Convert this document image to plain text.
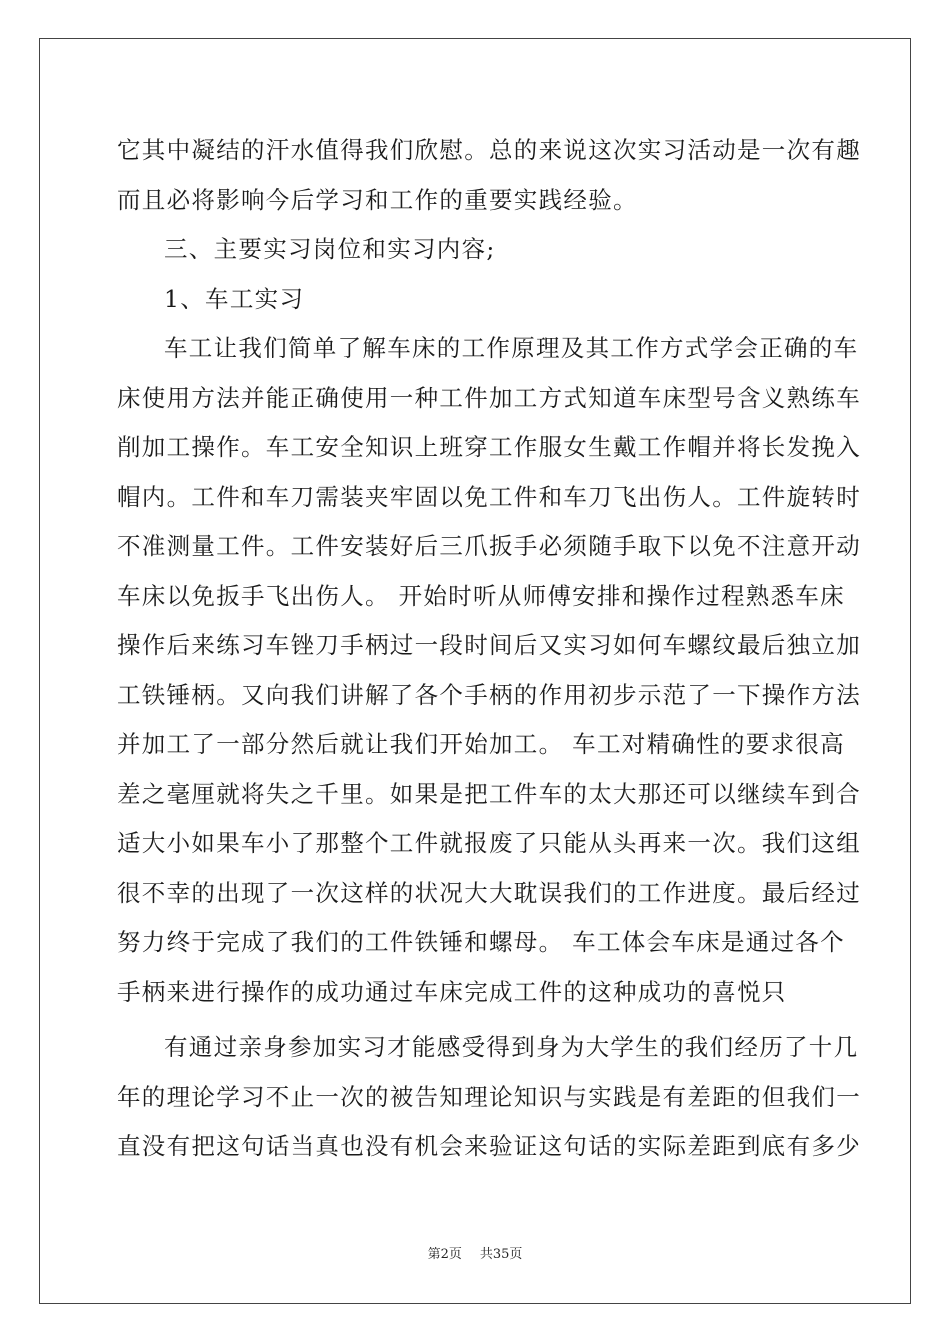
它其中凝结的汗水值得我们欣慰。总的来说这次实习活动是一次有趣
而且必将影响今后学习和工作的重要实践经验。
三、主要实习岗位和实习内容;
1、车工实习
车工让我们简单了解车床的工作原理及其工作方式学会正确的车
床使用方法并能正确使用一种工件加工方式知道车床型号含义熟练车
削加工操作。车工安全知识上班穿工作服女生戴工作帽并将长发挽入
帽内。工件和车刀需装夹牢固以免工件和车刀飞出伤人。工件旋转时
不准测量工件。工件安装好后三爪扳手必须随手取下以免不注意开动
车床以免扳手飞出伤人。 开始时听从师傅安排和操作过程熟悉车床
操作后来练习车锉刀手柄过一段时间后又实习如何车螺纹最后独立加
工铁锤柄。又向我们讲解了各个手柄的作用初步示范了一下操作方法
并加工了一部分然后就让我们开始加工。 车工对精确性的要求很高
差之毫厘就将失之千里。如果是把工件车的太大那还可以继续车到合
适大小如果车小了那整个工件就报废了只能从头再来一次。我们这组
很不幸的出现了一次这样的状况大大耽误我们的工作进度。最后经过
努力终于完成了我们的工件铁锤和螺母。 车工体会车床是通过各个
手柄来进行操作的成功通过车床完成工件的这种成功的喜悦只
有通过亲身参加实习才能感受得到身为大学生的我们经历了十几
年的理论学习不止一次的被告知理论知识与实践是有差距的但我们一
直没有把这句话当真也没有机会来验证这句话的实际差距到底有多少
第2页 共35页
